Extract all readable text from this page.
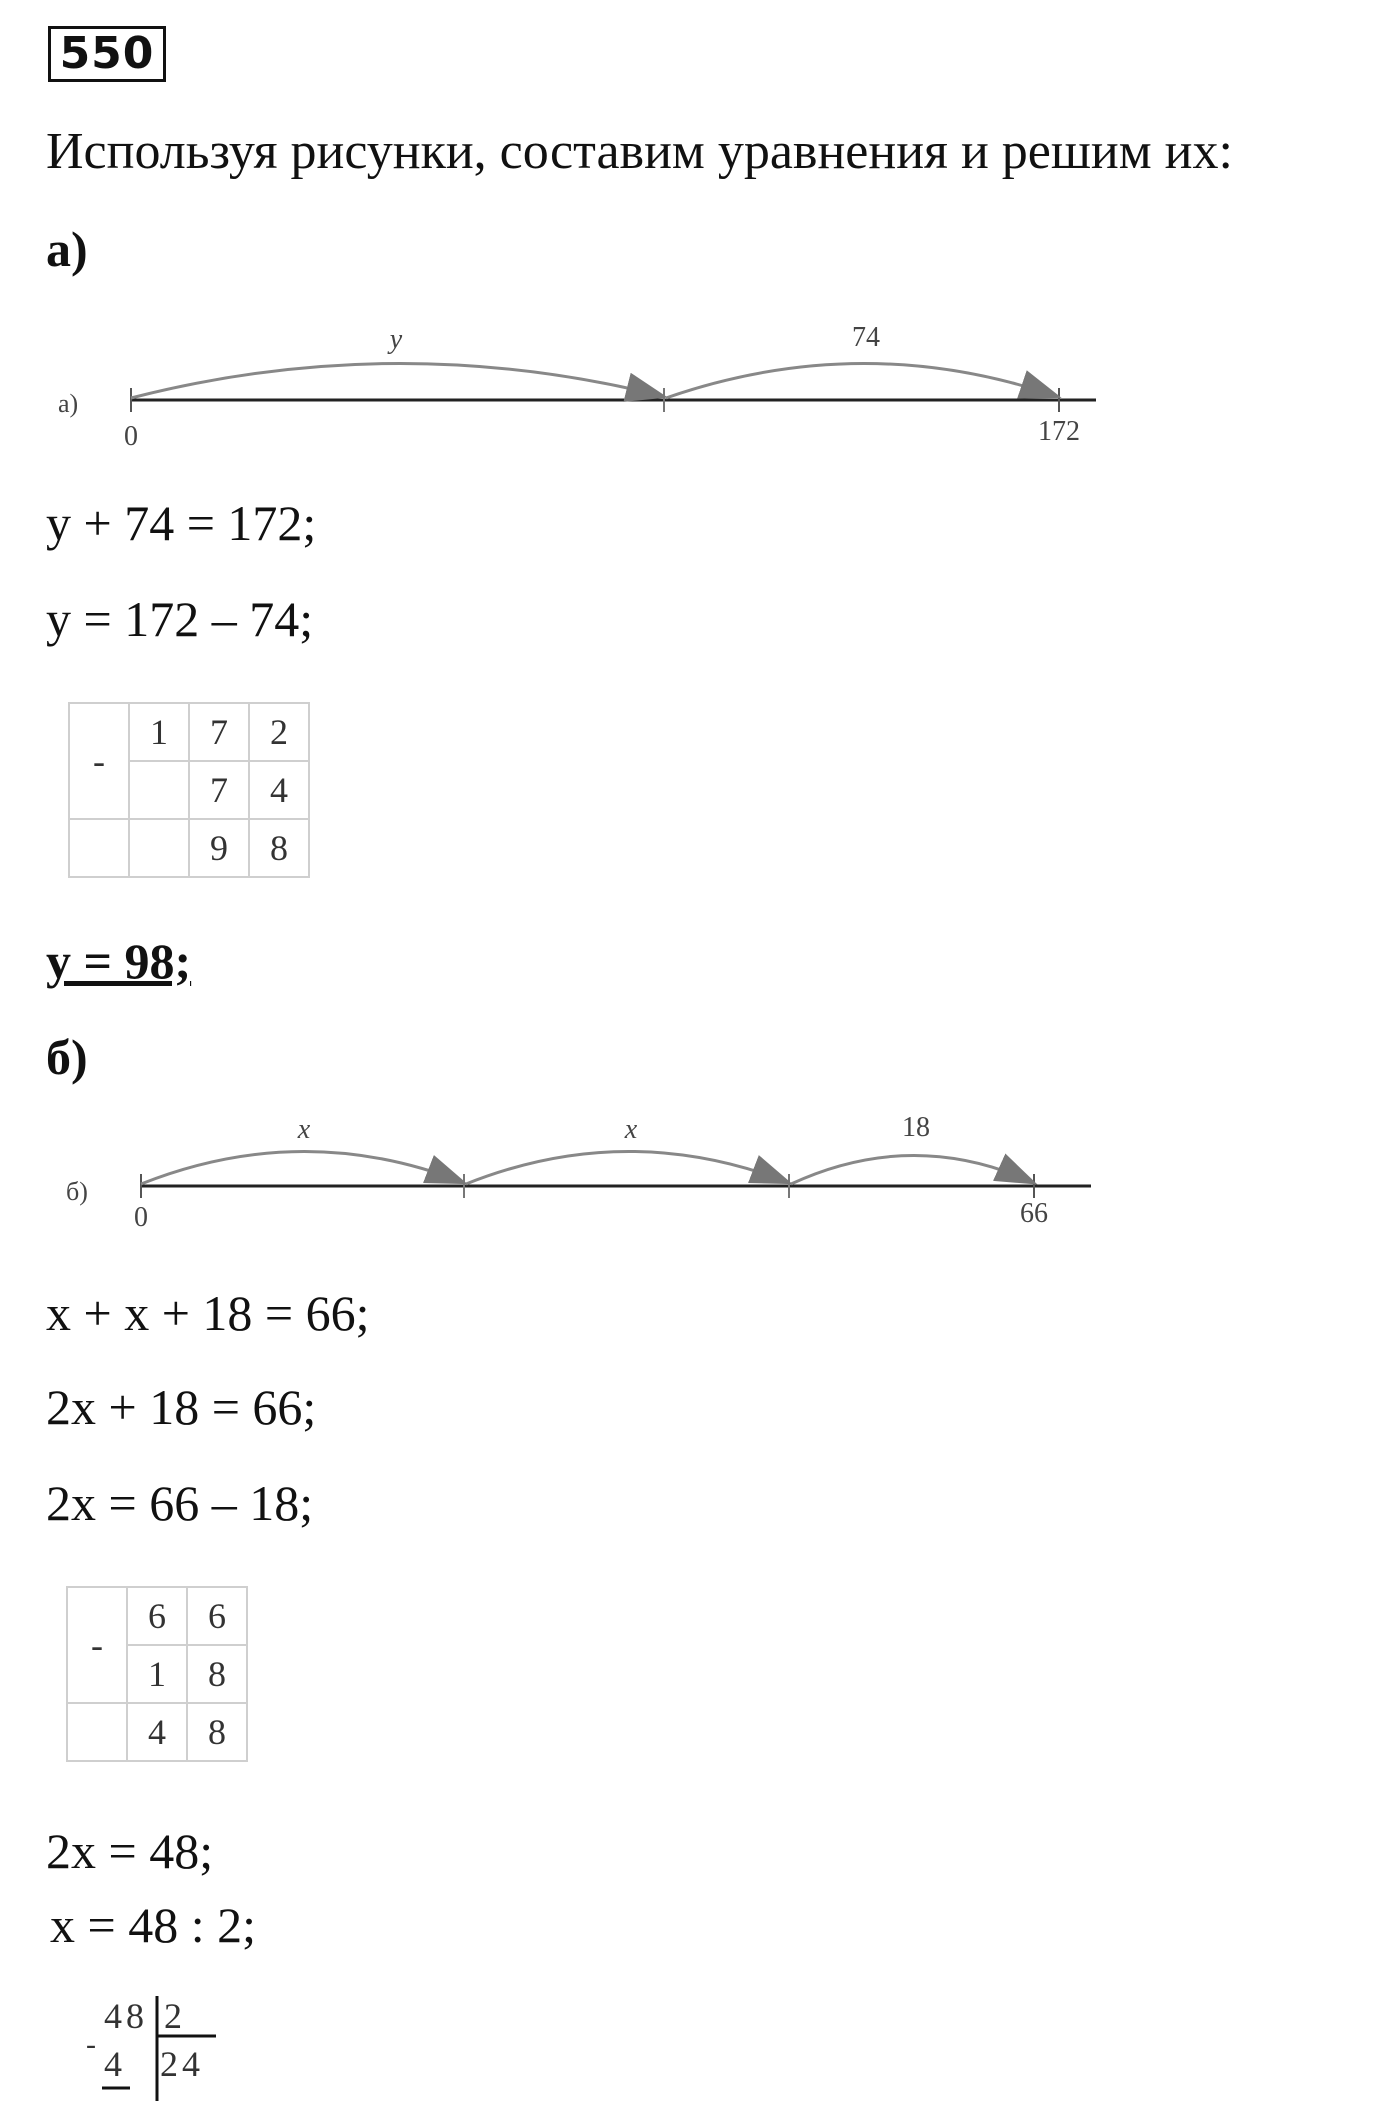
550
Используя рисунки, составим уравнения и решим их:
а)
а)
y	74
0	172
y + 74 = 172;
y = 172 – 74;
-	1	7	2
		7	4
		9	8
y = 98;
б)
б)
x	x	18
0	66
x + x + 18 = 66;
2x + 18 = 66;
2x = 66 – 18;
-	6	6
	1	8
	4	8
2x = 48;
x = 48 : 2;
-
48 2
4 24
